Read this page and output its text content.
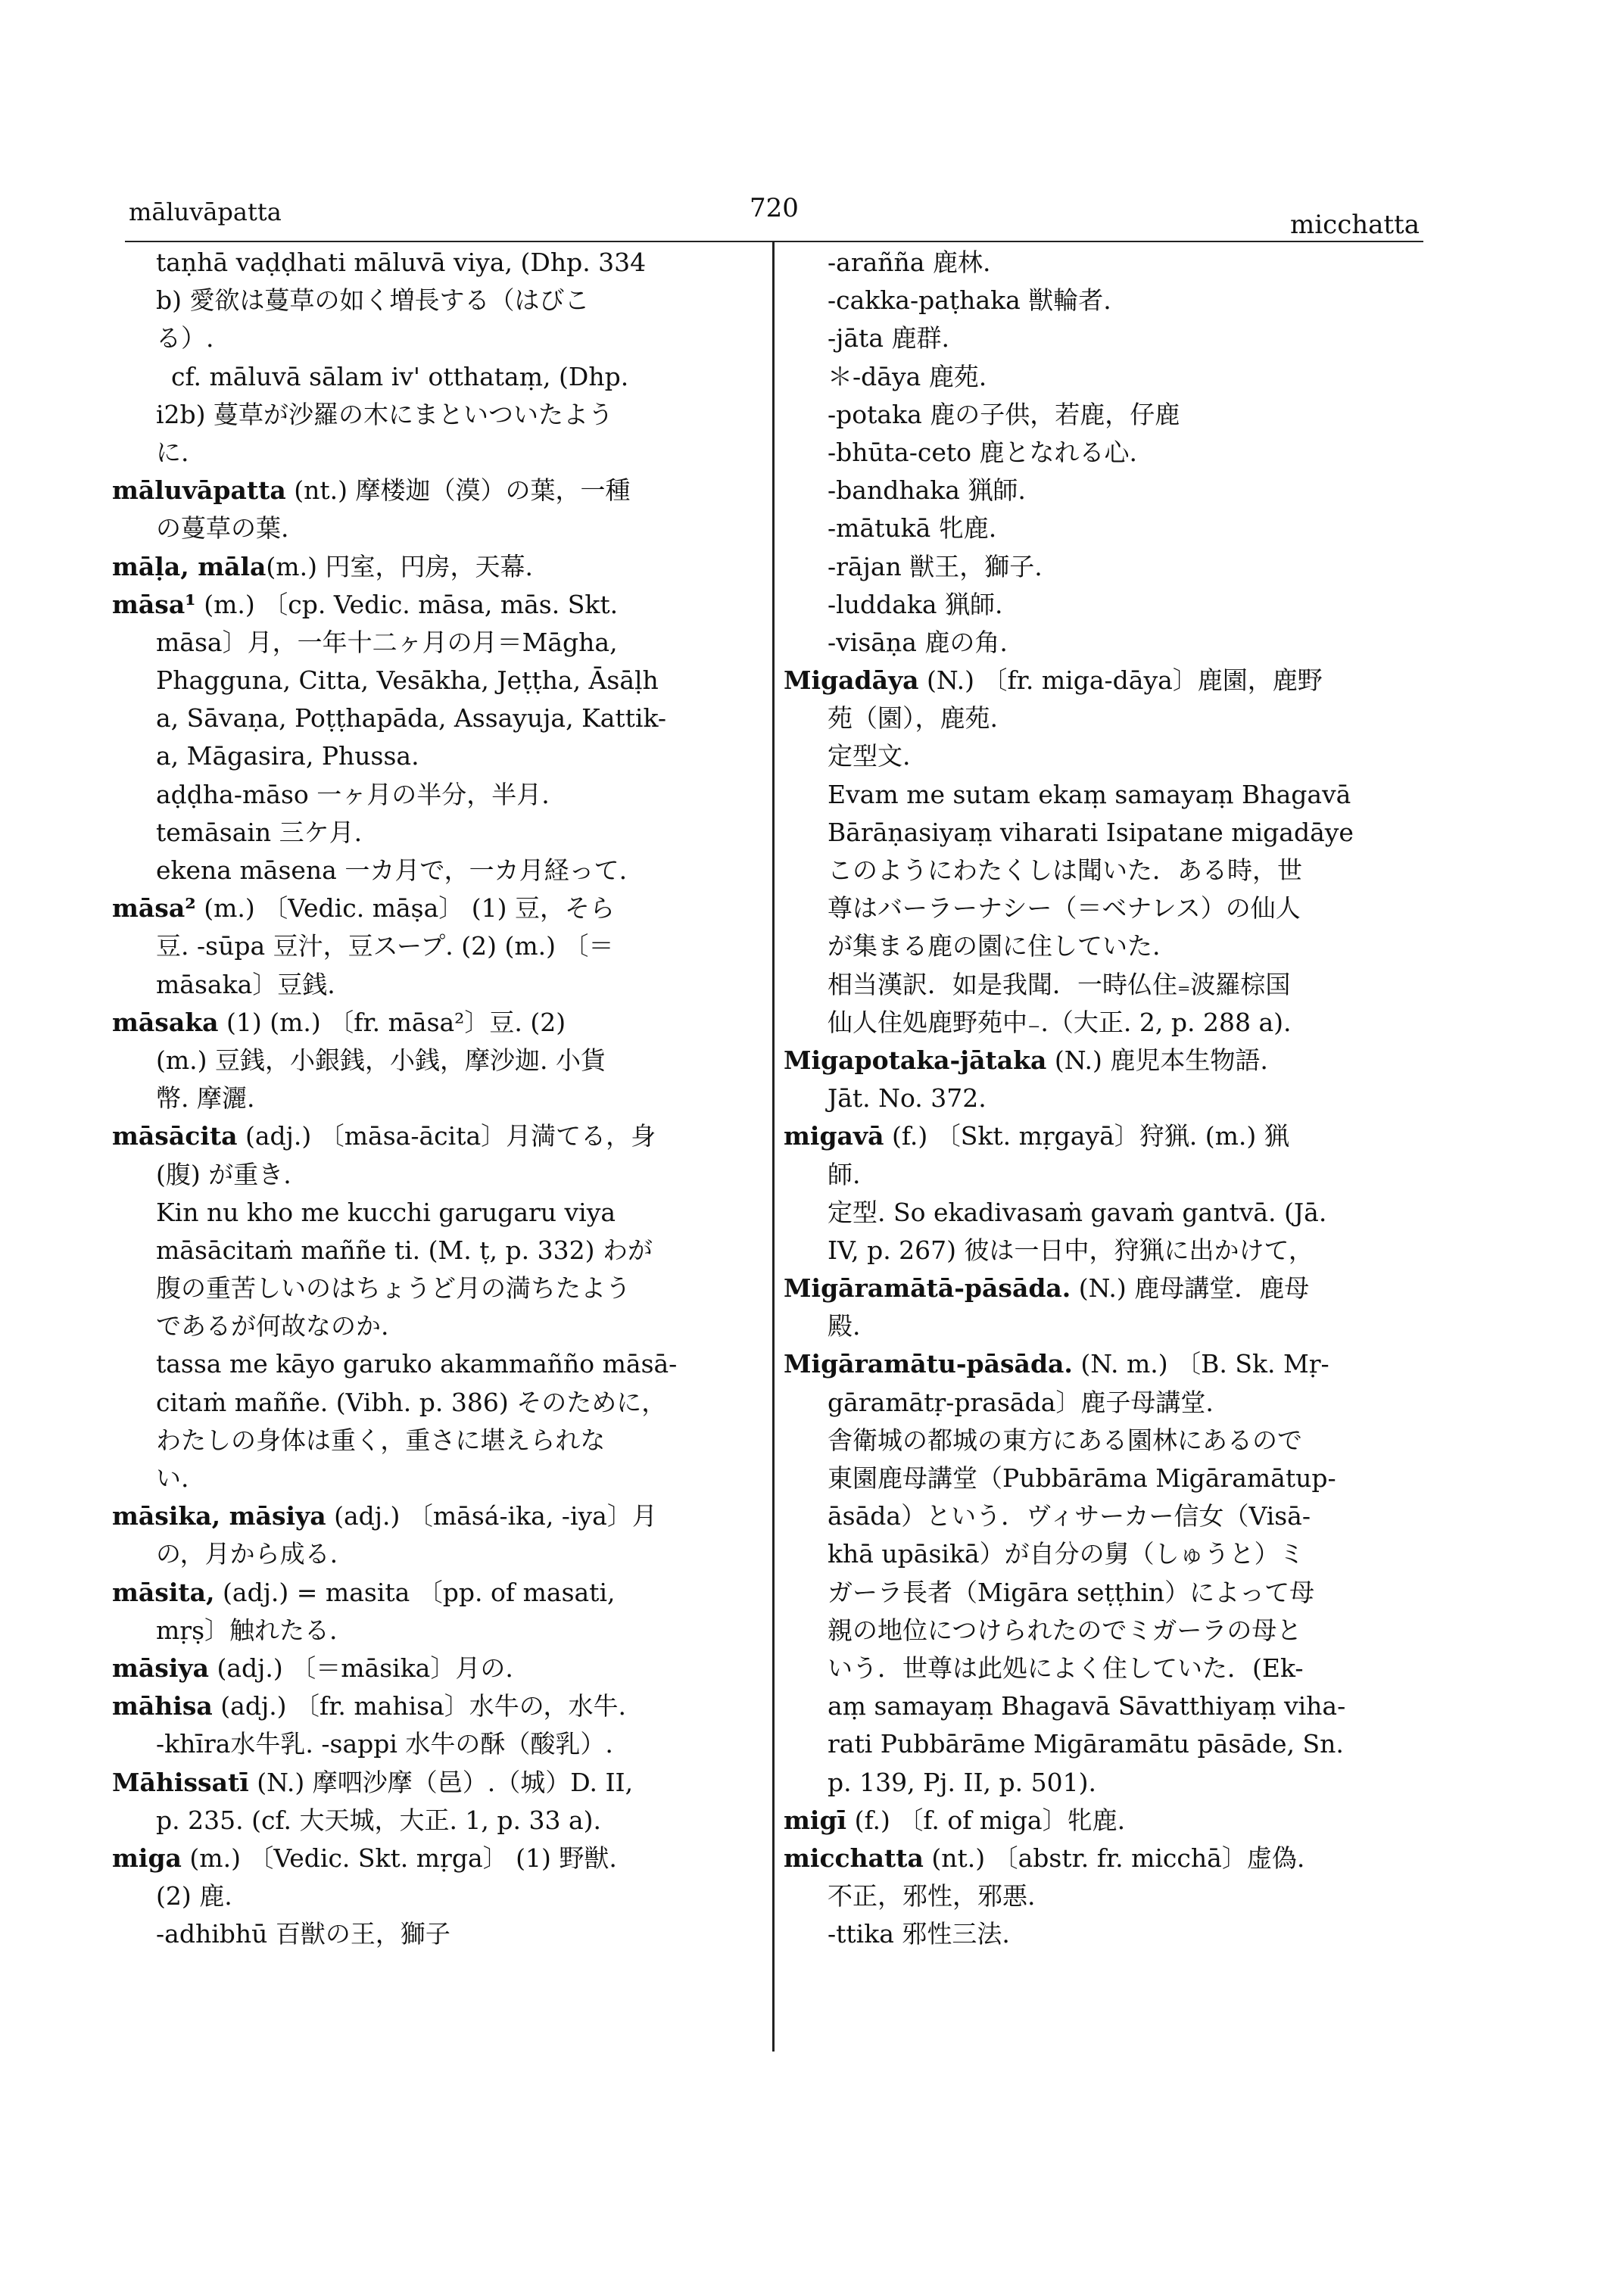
māluvāpatta	720
micchatta
taṇhā vaḍḍhati māluvā viya, (Dhp. 334
b) 愛欲は蔓草の如く増長する（はびこ
る）.
cf. māluvā sālam iv' otthataṃ, (Dhp.
i2b) 蔓草が沙羅の木にまといついたよう
に.
māluvāpatta (nt.) 摩楼迦（漠）の葉，一種
の蔓草の葉.
māḷa, māla(m.) 円室，円房，天幕.
māsa¹ (m.) 〔cp. Vedic. māsa, mās. Skt.
māsa〕月，一年十二ヶ月の月＝Māgha,
Phagguna, Citta, Vesākha, Jeṭṭha, Āsāḷh
a, Sāvaṇa, Poṭṭhapāda, Assayuja, Kattik-
a, Māgasira, Phussa.
aḍḍha-māso 一ヶ月の半分，半月.
temāsain 三ケ月.
ekena māsena 一カ月で，一カ月経って.
māsa² (m.) 〔Vedic. māṣa〕 (1) 豆，そら
豆. -sūpa 豆汁，豆スープ. (2) (m.) 〔＝
māsaka〕豆銭.
māsaka (1) (m.) 〔fr. māsa²〕豆. (2)
(m.) 豆銭，小銀銭，小銭，摩沙迦. 小貨
幣. 摩灑.
māsācita (adj.) 〔māsa-ācita〕月満てる，身
(腹) が重き.
Kin nu kho me kucchi garugaru viya
māsācitaṁ maññe ti. (M. ṭ, p. 332) わが
腹の重苦しいのはちょうど月の満ちたよう
であるが何故なのか.
tassa me kāyo garuko akammañño māsā-
citaṁ maññe. (Vibh. p. 386) そのために，
わたしの身体は重く，重さに堪えられな
い.
māsika, māsiya (adj.) 〔māsá-ika, -iya〕月
の，月から成る.
māsita, (adj.) = masita 〔pp. of masati,
mṛṣ〕触れたる.
māsiya (adj.) 〔＝māsika〕月の.
māhisa (adj.) 〔fr. mahisa〕水牛の，水牛.
-khīra水牛乳. -sappi 水牛の酥（酸乳）.
Māhissatī (N.) 摩呬沙摩（邑）.（城）D. II,
p. 235. (cf. 大天城，大正. 1, p. 33 a).
miga (m.) 〔Vedic. Skt. mṛga〕 (1) 野獣.
(2) 鹿.
-adhibhū 百獣の王，獅子
-arañña 鹿林.
-cakka-paṭhaka 獣輪者.
-jāta 鹿群.
＊-dāya 鹿苑.
-potaka 鹿の子供，若鹿，仔鹿
-bhūta-ceto 鹿となれる心.
-bandhaka 猟師.
-mātukā 牝鹿.
-rājan 獣王，獅子.
-luddaka 猟師.
-visāṇa 鹿の角.
Migadāya (N.) 〔fr. miga-dāya〕鹿園，鹿野
苑（園），鹿苑.
定型文.
Evam me sutam ekaṃ samayaṃ Bhagavā
Bārāṇasiyaṃ viharati Isipatane migadāye
このようにわたくしは聞いた．ある時，世
尊はバーラーナシー（＝ベナレス）の仙人
が集まる鹿の園に住していた.
相当漢訳．如是我聞．一時仏住₌波羅棕国
仙人住処鹿野苑中₋.（大正. 2, p. 288 a).
Migapotaka-jātaka (N.) 鹿児本生物語.
Jāt. No. 372.
migavā (f.) 〔Skt. mṛgayā〕狩猟. (m.) 猟
師.
定型. So ekadivasaṁ gavaṁ gantvā. (Jā.
IV, p. 267) 彼は一日中，狩猟に出かけて，
Migāramātā-pāsāda. (N.) 鹿母講堂．鹿母
殿.
Migāramātu-pāsāda. (N. m.) 〔B. Sk. Mṛ-
gāramātṛ-prasāda〕鹿子母講堂.
舎衛城の都城の東方にある園林にあるので
東園鹿母講堂（Pubbārāma Migāramātup-
āsāda）という．ヴィサーカー信女（Visā-
khā upāsikā）が自分の舅（しゅうと）ミ
ガーラ長者（Migāra seṭṭhin）によって母
親の地位につけられたのでミガーラの母と
いう．世尊は此処によく住していた．(Ek-
aṃ samayaṃ Bhagavā Sāvatthiyaṃ viha-
rati Pubbārāme Migāramātu pāsāde, Sn.
p. 139, Pj. II, p. 501).
migī (f.) 〔f. of miga〕牝鹿.
micchatta (nt.) 〔abstr. fr. micchā〕虚偽.
不正，邪性，邪悪.
-ttika 邪性三法.
